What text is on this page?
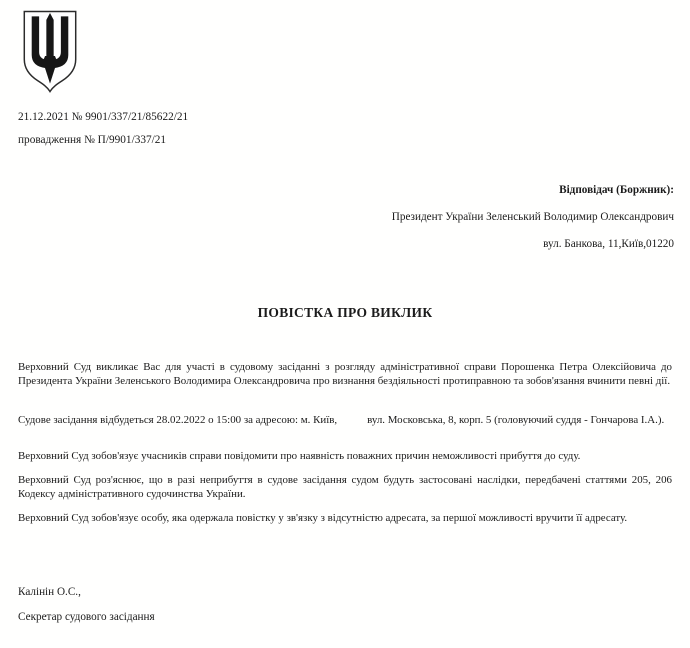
21.12.2021 № 9901/337/21/85622/21
провадження № П/9901/337/21
Відповідач (Боржник):
Президент України Зеленський Володимир Олександрович
вул. Банкова, 11,Київ,01220
ПОВІСТКА ПРО ВИКЛИК

Верховний Суд викликає Вас для участі в судовому засіданні з розгляду адміністративної справи Порошенка Петра Олексійовича до Президента України Зеленського Володимира Олександровича про визнання бездіяльності протиправною та зобов'язання вчинити певні дії.

Судове засідання відбудеться 28.02.2022 о 15:00 за адресою: м. Київ,	вул. Московська, 8, корп. 5 (головуючий суддя - Гончарова І.А.).

Верховний Суд зобов'язує учасників справи повідомити про наявність поважних причин неможливості прибуття до суду.

Верховний Суд роз'яснює, що в разі неприбуття в судове засідання судом будуть застосовані наслідки, передбачені статтями 205, 206 Кодексу адміністративного судочинства України.

Верховний Суд зобов'язує особу, яка одержала повістку у зв'язку з відсутністю адресата, за першої можливості вручити її адресату.

Калінін О.С.,
Секретар судового засідання
